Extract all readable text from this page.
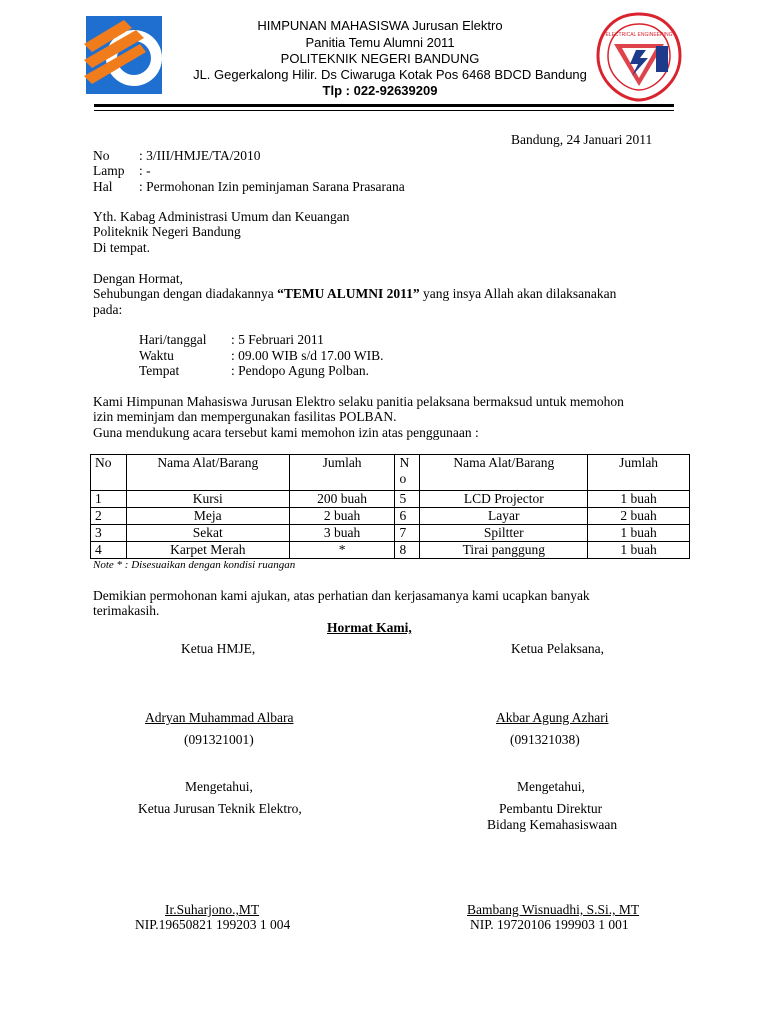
ELECTRICAL ENGINEERING
HIMPUNAN MAHASISWA Jurusan Elektro
Panitia Temu Alumni 2011
POLITEKNIK NEGERI BANDUNG
JL. Gegerkalong Hilir. Ds Ciwaruga Kotak Pos 6468 BDCD Bandung
Tlp : 022-92639209
Bandung, 24 Januari 2011
No : 3/III/HMJE/TA/2010
Lamp : -
Hal : Permohonan Izin peminjaman Sarana Prasarana
Yth. Kabag Administrasi Umum dan Keuangan
Politeknik Negeri Bandung
Di tempat.
Dengan Hormat,
Sehubungan dengan diadakannya “TEMU ALUMNI 2011” yang insya Allah akan dilaksanakan
pada:
Hari/tanggal : 5 Februari 2011
Waktu	: 09.00 WIB s/d 17.00 WIB.
Tempat	: Pendopo Agung Polban.
Kami Himpunan Mahasiswa Jurusan Elektro selaku panitia pelaksana bermaksud untuk memohon
izin meminjam dan mempergunakan fasilitas POLBAN.
Guna mendukung acara tersebut kami memohon izin atas penggunaan :
No	Nama Alat/Barang	Jumlah	N o	Nama Alat/Barang	Jumlah
1	Kursi	200 buah	5	LCD Projector	1 buah
2	Meja	2 buah	6	Layar	2 buah
3	Sekat	3 buah	7	Spiltter	1 buah
4	Karpet Merah	*	8	Tirai panggung	1 buah
Note * : Disesuaikan dengan kondisi ruangan
Demikian permohonan kami ajukan, atas perhatian dan kerjasamanya kami ucapkan banyak
terimakasih.
Hormat Kami,
Ketua HMJE,	Ketua Pelaksana,
Adryan Muhammad Albara	Akbar Agung Azhari
(091321001)	(091321038)
Mengetahui,	Mengetahui,
Ketua Jurusan Teknik Elektro,	Pembantu Direktur
Bidang Kemahasiswaan
Ir.Suharjono.,MT	Bambang Wisnuadhi, S.Si., MT
NIP.19650821 199203 1 004	NIP. 19720106 199903 1 001
